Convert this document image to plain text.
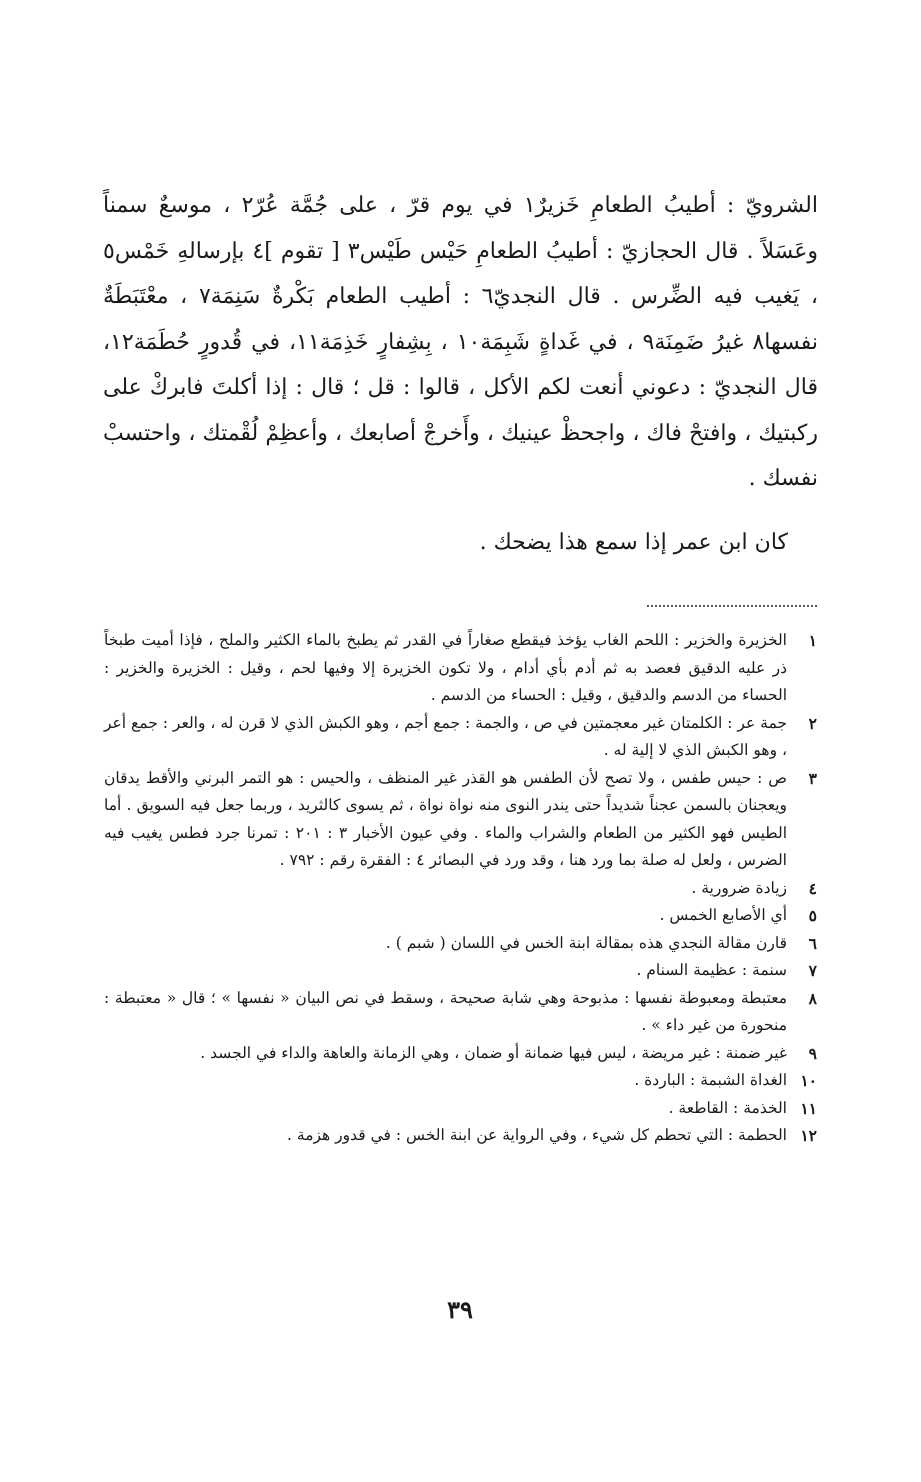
الشرويّ : أطيبُ الطعامِ خَزيرٌ١ في يوم قرّ ، على جُمَّة عُرّ٢ ، موسعٌ سمناً وعَسَلاً . قال الحجازيّ : أطيبُ الطعامِ حَيْس طَيْس٣ [ تقوم ]٤ بإرسالهِ خَمْس٥ ، يَغيب فيه الضِّرس . قال النجديّ٦ : أطيب الطعام بَكْرةٌ سَنِمَة٧ ، معْتَبَطَةٌ نفسها٨ غيرُ ضَمِنَة٩ ، في غَداةٍ شَبِمَة١٠ ، بِشِفارٍ خَذِمَة١١، في قُدورٍ حُطَمَة١٢، قال النجديّ : دعوني أنعت لكم الأكل ، قالوا : قل ؛ قال : إذا أكلتَ فابركْ على ركبتيك ، وافتحْ فاك ، واجحظْ عينيك ، وأَخرجْ أصابعك ، وأعظِمْ لُقْمتك ، واحتسبْ نفسك .

كان ابن عمر إذا سمع هذا يضحك .

١
الخزيرة والخزير : اللحم الغاب يؤخذ فيقطع صغاراً في القدر ثم يطبخ بالماء الكثير والملح ، فإذا أميت طبخاً ذر عليه الدقيق فعصد به ثم أدم بأي أدام ، ولا تكون الخزيرة إلا وفيها لحم ، وقيل : الخزيرة والخزير : الحساء من الدسم والدقيق ، وقيل : الحساء من الدسم .
٢
جمة عر : الكلمتان غير معجمتين في ص ، والجمة : جمع أجم ، وهو الكبش الذي لا قرن له ، والعر : جمع أعر ، وهو الكبش الذي لا إلية له .
٣
ص : حيس طفس ، ولا تصح لأن الطفس هو القذر غير المنظف ، والحيس : هو التمر البرني والأقط يدقان ويعجنان بالسمن عجناً شديداً حتى يندر النوى منه نواة نواة ، ثم يسوى كالثريد ، وربما جعل فيه السويق . أما الطيس فهو الكثير من الطعام والشراب والماء . وفي عيون الأخبار ٣ : ٢٠١ : تمرنا جرد فطس يغيب فيه الضرس ، ولعل له صلة بما ورد هنا ، وقد ورد في البصائر ٤ : الفقرة رقم : ٧٩٢ .
٤
زيادة ضرورية .
٥
أي الأصابع الخمس .
٦
قارن مقالة النجدي هذه بمقالة ابنة الخس في اللسان ( شبم ) .
٧
سنمة : عظيمة السنام .
٨
معتبطة ومعبوطة نفسها : مذبوحة وهي شابة صحيحة ، وسقط في نص البيان « نفسها » ؛ قال « معتبطة : منحورة من غير داء » .
٩
غير ضمنة : غير مريضة ، ليس فيها ضمانة أو ضمان ، وهي الزمانة والعاهة والداء في الجسد .
١٠
الغداة الشبمة : الباردة .
١١
الخذمة : القاطعة .
١٢
الحطمة : التي تحطم كل شيء ، وفي الرواية عن ابنة الخس : في قدور هزمة .
٣٩
